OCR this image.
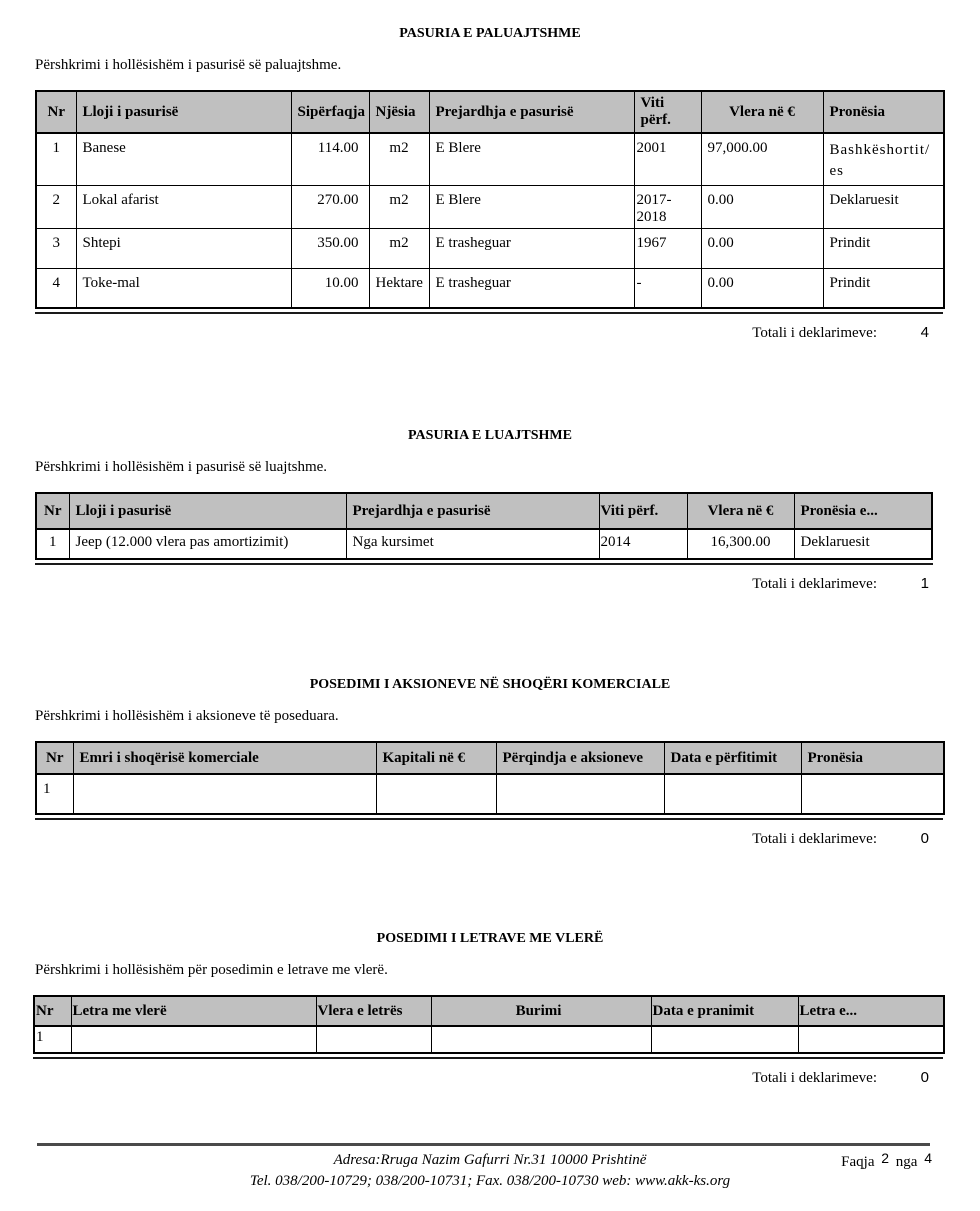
PASURIA E PALUAJTSHME

Përshkrimi i hollësishëm i pasurisë së paluajtshme.

Nr	Lloji i pasurisë	Sipërfaqja	Njësia	Prejardhja e pasurisë	Viti përf.	Vlera në €	Pronësia
1	Banese	114.00	m2	E Blere	2001	97,000.00	Bashkëshortit/es
2	Lokal afarist	270.00	m2	E Blere	2017-2018	0.00	Deklaruesit
3	Shtepi	350.00	m2	E trasheguar	1967	0.00	Prindit
4	Toke-mal	10.00	Hektare	E trasheguar	-	0.00	Prindit
Totali i deklarimeve:	4
PASURIA E LUAJTSHME

Përshkrimi i hollësishëm i pasurisë së luajtshme.

Nr	Lloji i pasurisë	Prejardhja e pasurisë	Viti përf.	Vlera në €	Pronësia e...
1	Jeep (12.000 vlera pas amortizimit)	Nga kursimet	2014	16,300.00	Deklaruesit
Totali i deklarimeve:	1
POSEDIMI I AKSIONEVE NË SHOQËRI KOMERCIALE

Përshkrimi i hollësishëm i aksioneve të poseduara.

Nr	Emri i shoqërisë komerciale	Kapitali në €	Përqindja e aksioneve	Data e përfitimit	Pronësia
1					
Totali i deklarimeve:	0
POSEDIMI I LETRAVE ME VLERË

Përshkrimi i hollësishëm për posedimin e letrave me vlerë.

Nr	Letra me vlerë	Vlera e letrës	Burimi	Data e pranimit	Letra e...
1					
Totali i deklarimeve:	0
Adresa:Rruga Nazim Gafurri Nr.31 10000 Prishtinë
Tel. 038/200-10729; 038/200-10731; Fax. 038/200-10730 web: www.akk-ks.org
Faqja 2 nga 4
